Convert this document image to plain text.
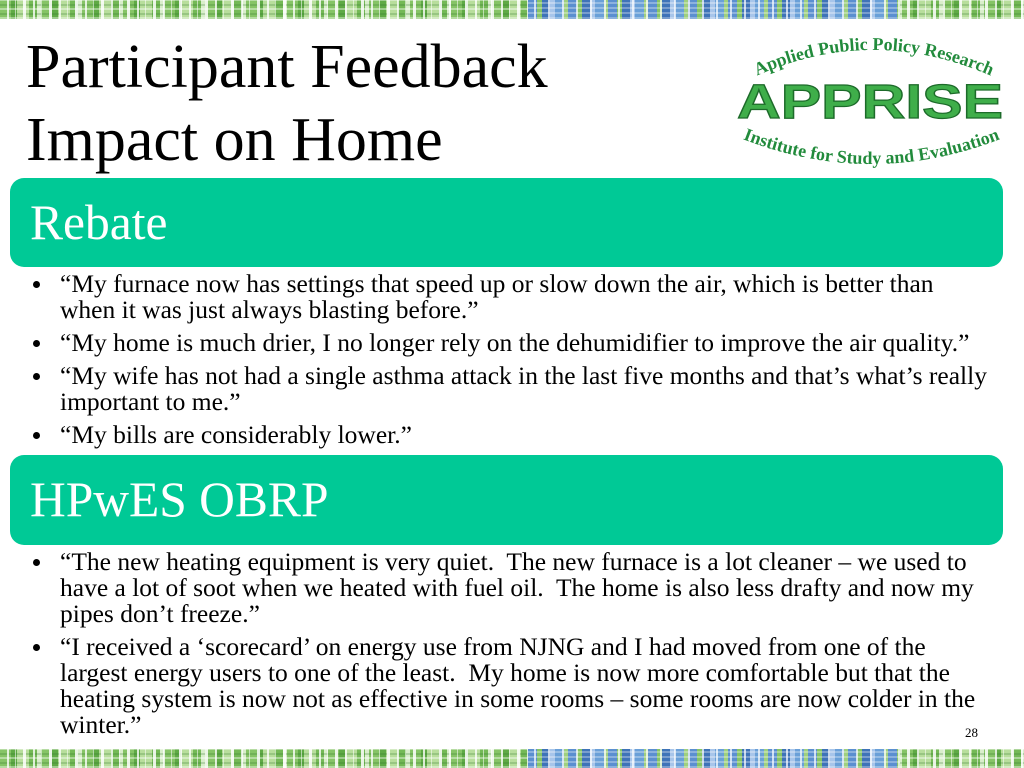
Participant Feedback
Impact on Home
Applied Public Policy Research
APPRISE
Institute for Study and Evaluation
Rebate
“My furnace now has settings that speed up or slow down the air, which is better than
when it was just always blasting before.”
“My home is much drier, I no longer rely on the dehumidifier to improve the air quality.”
“My wife has not had a single asthma attack in the last five months and that’s what’s really
important to me.”
“My bills are considerably lower.”
HPwES OBRP
“The new heating equipment is very quiet.  The new furnace is a lot cleaner – we used to
have a lot of soot when we heated with fuel oil.  The home is also less drafty and now my
pipes don’t freeze.”
“I received a ‘scorecard’ on energy use from NJNG and I had moved from one of the
largest energy users to one of the least.  My home is now more comfortable but that the
heating system is now not as effective in some rooms – some rooms are now colder in the
winter.”	28
